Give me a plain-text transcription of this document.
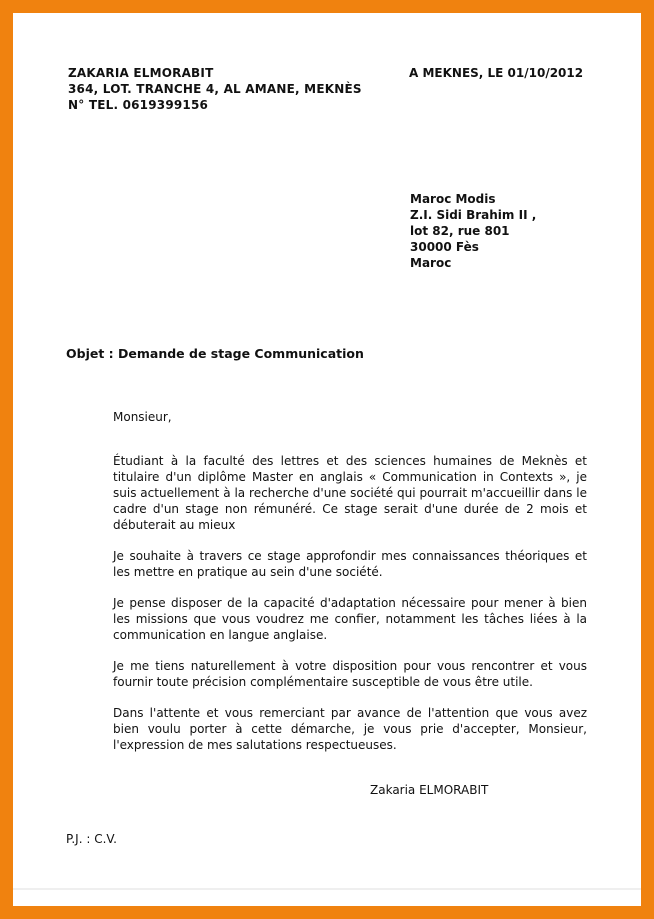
ZAKARIA ELMORABIT
364, LOT. TRANCHE 4, AL AMANE, MEKNÈS
N° TEL. 0619399156
A MEKNES, LE 01/10/2012
Maroc Modis
Z.I. Sidi Brahim II ,
lot 82, rue 801
30000 Fès
Maroc
Objet : Demande de stage Communication
Monsieur,

Étudiant à la faculté des lettres et des sciences humaines de Meknès et titulaire d'un diplôme Master en anglais « Communication in Contexts », je suis actuellement à la recherche d'une société qui pourrait m'accueillir dans le cadre d'un stage non rémunéré. Ce stage serait d'une durée de 2 mois et débuterait au mieux

Je souhaite à travers ce stage approfondir mes connaissances théoriques et les mettre en pratique au sein d'une société.

Je pense disposer de la capacité d'adaptation nécessaire pour mener à bien les missions que vous voudrez me confier, notamment les tâches liées à la communication en langue anglaise.

Je me tiens naturellement à votre disposition pour vous rencontrer et vous fournir toute précision complémentaire susceptible de vous être utile.

Dans l'attente et vous remerciant par avance de l'attention que vous avez bien voulu porter à cette démarche, je vous prie d'accepter, Monsieur, l'expression de mes salutations respectueuses.

Zakaria ELMORABIT
P.J. : C.V.
